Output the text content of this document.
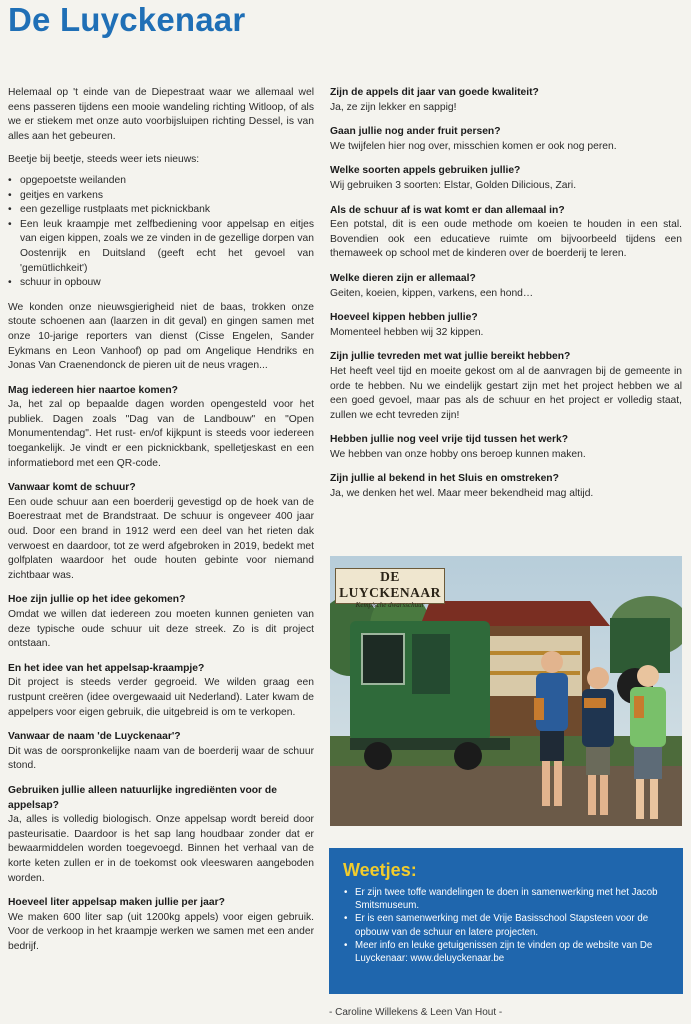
De Luyckenaar

Helemaal op 't einde van de Diepestraat waar we allemaal wel eens passeren tijdens een mooie wandeling richting Witloop, of als we er stiekem met onze auto voorbijsluipen richting Dessel, is van alles aan het gebeuren.

Beetje bij beetje, steeds weer iets nieuws:

• opgepoetste weilanden
• geitjes en varkens
• een gezellige rustplaats met picknickbank
• Een leuk kraampje met zelfbediening voor appelsap en eitjes van eigen kippen, zoals we ze vinden in de gezellige dorpen van Oostenrijk en Duitsland (geeft echt het gevoel van 'gemütlichkeit')
• schuur in opbouw

We konden onze nieuwsgierigheid niet de baas, trokken onze stoute schoenen aan (laarzen in dit geval) en gingen samen met onze 10-jarige reporters van dienst (Cisse Engelen, Sander Eykmans en Leon Vanhoof) op pad om Angelique Hendriks en Jonas Van Craenendonck de pieren uit de neus vragen...

Mag iedereen hier naartoe komen?

Ja, het zal op bepaalde dagen worden opengesteld voor het publiek. Dagen zoals "Dag van de Landbouw" en "Open Monumentendag". Het rust- en/of kijkpunt is steeds voor iedereen toegankelijk. Je vindt er een picknickbank, spelletjeskast en een informatiebord met een QR-code.

Vanwaar komt de schuur?

Een oude schuur aan een boerderij gevestigd op de hoek van de Boerestraat met de Brandstraat. De schuur is ongeveer 400 jaar oud. Door een brand in 1912 werd een deel van het rieten dak verwoest en daardoor, tot ze werd afgebroken in 2019, bedekt met golfplaten waardoor het oude houten gebinte voor niemand zichtbaar was.

Hoe zijn jullie op het idee gekomen?

Omdat we willen dat iedereen zou moeten kunnen genieten van deze typische oude schuur uit deze streek. Zo is dit project ontstaan.

En het idee van het appelsap-kraampje?

Dit project is steeds verder gegroeid. We wilden graag een rustpunt creëren (idee overgewaaid uit Nederland). Later kwam de appelpers voor eigen gebruik, die uitgebreid is om te verkopen.

Vanwaar de naam 'de Luyckenaar'?

Dit was de oorspronkelijke naam van de boerderij waar de schuur stond.

Gebruiken jullie alleen natuurlijke ingrediënten voor de appelsap?

Ja, alles is volledig biologisch. Onze appelsap wordt bereid door pasteurisatie. Daardoor is het sap lang houdbaar zonder dat er bewaarmiddelen worden toegevoegd. Binnen het verhaal van de korte keten zullen er in de toekomst ook vleeswaren aangeboden worden.

Hoeveel liter appelsap maken jullie per jaar?

We maken 600 liter sap (uit 1200kg appels) voor eigen gebruik. Voor de verkoop in het kraampje werken we samen met een ander bedrijf.

Zijn de appels dit jaar van goede kwaliteit?

Ja, ze zijn lekker en sappig!

Gaan jullie nog ander fruit persen?

We twijfelen hier nog over, misschien komen er ook nog peren.

Welke soorten appels gebruiken jullie?

Wij gebruiken 3 soorten: Elstar, Golden Dilicious, Zari.

Als de schuur af is wat komt er dan allemaal in?

Een potstal, dit is een oude methode om koeien te houden in een stal. Bovendien ook een educatieve ruimte om bijvoorbeeld tijdens een themaweek op school met de kinderen over de boerderij te leren.

Welke dieren zijn er allemaal?

Geiten, koeien, kippen, varkens, een hond…

Hoeveel kippen hebben jullie?

Momenteel hebben wij 32 kippen.

Zijn jullie tevreden met wat jullie bereikt hebben?

Het heeft veel tijd en moeite gekost om al de aanvragen bij de gemeente in orde te hebben. Nu we eindelijk gestart zijn met het project hebben we al een goed gevoel, maar pas als de schuur en het project er volledig staat, zullen we echt tevreden zijn!

Hebben jullie nog veel vrije tijd tussen het werk?

We hebben van onze hobby ons beroep kunnen maken.

Zijn jullie al bekend in het Sluis en omstreken?

Ja, we denken het wel. Maar meer bekendheid mag altijd.

DE LUYCKENAAR
Kempische dwarsschuur
Weetjes:
• Er zijn twee toffe wandelingen te doen in samenwerking met het Jacob Smitsmuseum.
• Er is een samenwerking met de Vrije Basisschool Stapsteen voor de opbouw van de schuur en latere projecten.
• Meer info en leuke getuigenissen zijn te vinden op de website van De Luyckenaar: www.deluyckenaar.be
- Caroline Willekens & Leen Van Hout -
